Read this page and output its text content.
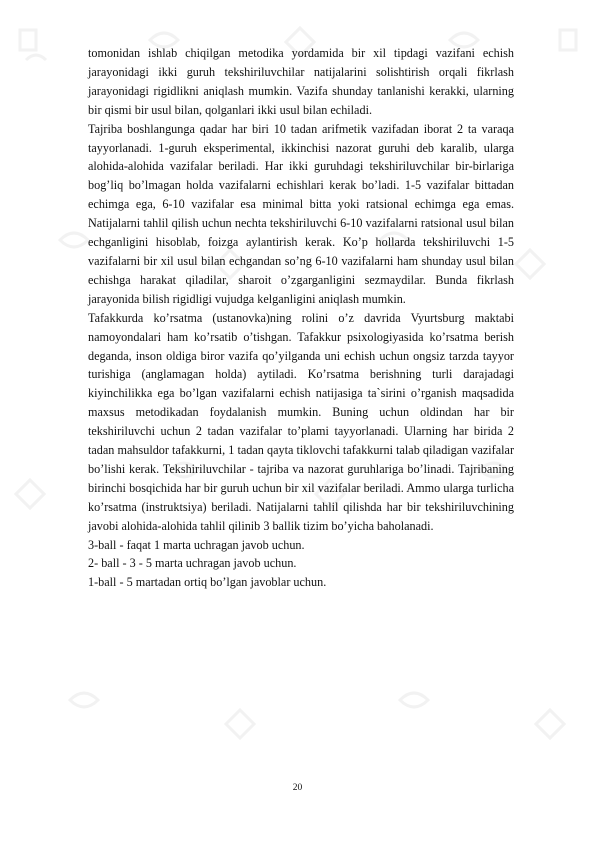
tomonidan ishlab chiqilgan metodika yordamida bir xil tipdagi vazifani echish jarayonidagi ikki guruh tekshiriluvchilar natijalarini solishtirish orqali fikrlash jarayonidagi rigidlikni aniqlash mumkin. Vazifa shunday tanlanishi kerakki, ularning bir qismi bir usul bilan, qolganlari ikki usul bilan echiladi.

Tajriba boshlangunga qadar har biri 10 tadan arifmetik vazifadan iborat 2 ta varaqa tayyorlanadi. 1-guruh eksperimental, ikkinchisi nazorat guruhi deb karalib, ularga alohida-alohida vazifalar beriladi. Har ikki guruhdagi tekshiriluvchilar bir-birlariga bog’liq bo’lmagan holda vazifalarni echishlari kerak bo’ladi. 1-5 vazifalar bittadan echimga ega, 6-10 vazifalar esa minimal bitta yoki ratsional echimga ega emas. Natijalarni tahlil qilish uchun nechta tekshiriluvchi 6-10 vazifalarni ratsional usul bilan echganligini hisoblab, foizga aylantirish kerak. Ko’p hollarda tekshiriluvchi 1-5 vazifalarni bir xil usul bilan echgandan so’ng 6-10 vazifalarni ham shunday usul bilan echishga harakat qiladilar, sharoit o’zgarganligini sezmaydilar. Bunda fikrlash jarayonida bilish rigidligi vujudga kelganligini aniqlash mumkin.

Tafakkurda ko’rsatma (ustanovka)ning rolini o’z davrida Vyurtsburg maktabi namoyondalari ham ko’rsatib o’tishgan. Tafakkur psixologiyasida ko’rsatma berish deganda, inson oldiga biror vazifa qo’yilganda uni echish uchun ongsiz tarzda tayyor turishiga (anglamagan holda) aytiladi. Ko’rsatma berishning turli darajadagi kiyinchilikka ega bo’lgan vazifalarni echish natijasiga ta`sirini o’rganish maqsadida maxsus metodikadan foydalanish mumkin. Buning uchun oldindan har bir tekshiriluvchi uchun 2 tadan vazifalar to’plami tayyorlanadi. Ularning har birida 2 tadan mahsuldor tafakkurni, 1 tadan qayta tiklovchi tafakkurni talab qiladigan vazifalar bo’lishi kerak. Tekshiriluvchilar - tajriba va nazorat guruhlariga bo’linadi. Tajribaning birinchi bosqichida har bir guruh uchun bir xil vazifalar beriladi. Ammo ularga turlicha ko’rsatma (instruktsiya) beriladi. Natijalarni tahlil qilishda har bir tekshiriluvchining javobi alohida-alohida tahlil qilinib 3 ballik tizim bo’yicha baholanadi.

3-ball - faqat 1 marta uchragan javob uchun.

2- ball - 3 - 5 marta uchragan javob uchun.

1-ball - 5 martadan ortiq bo’lgan javoblar uchun.

20
